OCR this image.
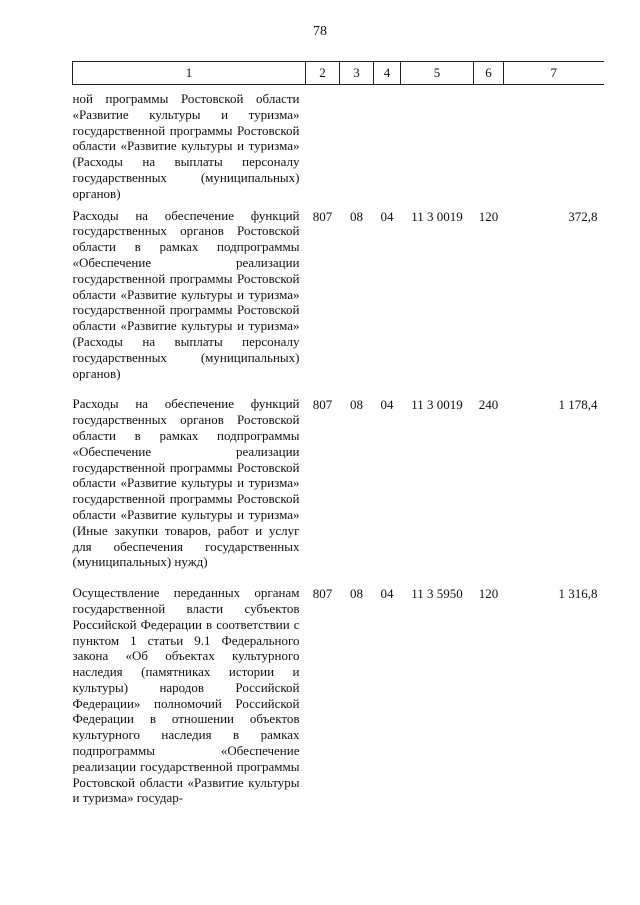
78
1	2	3	4	5	6	7
ной программы Ростовской области «Развитие культуры и туризма» государственной программы Ростовской области «Развитие культуры и туризма» (Расходы на выплаты персоналу государственных (муниципальных) органов)						
Расходы на обеспечение функций государственных органов Ростовской области в рамках подпрограммы «Обеспечение реализации государственной программы Ростовской области «Развитие культуры и туризма» государственной программы Ростовской области «Развитие культуры и туризма» (Расходы на выплаты персоналу государственных (муниципальных) органов)	807	08	04	11 3 0019	120	372,8
Расходы на обеспечение функций государственных органов Ростовской области в рамках подпрограммы «Обеспечение реализации государственной программы Ростовской области «Развитие культуры и туризма» государственной программы Ростовской области «Развитие культуры и туризма» (Иные закупки товаров, работ и услуг для обеспечения государственных (муниципальных) нужд)	807	08	04	11 3 0019	240	1 178,4
Осуществление переданных органам государственной власти субъектов Российской Федерации в соответствии с пунктом 1 статьи 9.1 Федерального закона «Об объектах культурного наследия (памятниках истории и культуры) народов Российской Федерации» полномочий Российской Федерации в отношении объектов культурного наследия в рамках подпрограммы «Обеспечение реализации государственной программы Ростовской области «Развитие культуры и туризма» государ-	807	08	04	11 3 5950	120	1 316,8
